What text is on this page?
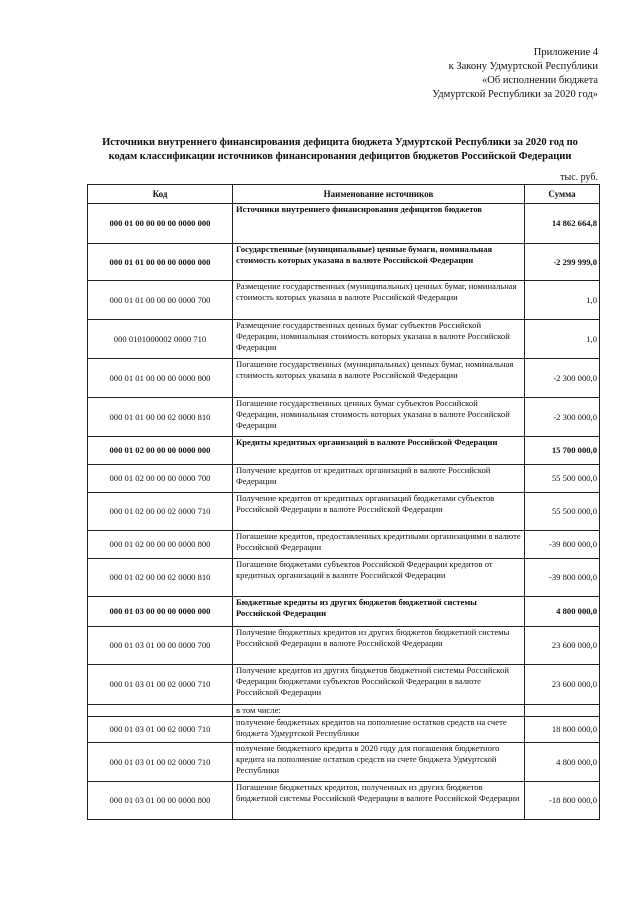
Приложение 4
к Закону Удмуртской Республики
«Об исполнении бюджета
Удмуртской Республики за 2020 год»
Источники внутреннего финансирования дефицита бюджета Удмуртской Республики за 2020 год по
кодам классификации источников финансирования дефицитов бюджетов Российской Федерации
тыс. руб.
Код	Наименование источников	Сумма
000 01 00 00 00 00 0000 000	Источники внутреннего финансирования дефицитов бюджетов	14 862 664,8
000 01 01 00 00 00 0000 000	Государственные (муниципальные) ценные бумаги, номинальная стоимость которых указана в валюте Российской Федерации	-2 299 999,0
000 01 01 00 00 00 0000 700	Размещение государственных (муниципальных) ценных бумаг, номинальная стоимость которых указана в валюте Российской Федерации	1,0
000 0101000002 0000 710	Размещение государственных ценных бумаг субъектов Российской Федерации, номинальная стоимость которых указана в валюте Российской Федерации	1,0
000 01 01 00 00 00 0000 800	Погашение государственных (муниципальных) ценных бумаг, номинальная стоимость которых указана в валюте Российской Федерации	-2 300 000,0
000 01 01 00 00 02 0000 810	Погашение государственных ценных бумаг субъектов Российской Федерации, номинальная стоимость которых указана в валюте Российской Федерации	-2 300 000,0
000 01 02 00 00 00 0000 000	Кредиты кредитных организаций в валюте Российской Федерации	15 700 000,0
000 01 02 00 00 00 0000 700	Получение кредитов от кредитных организаций в валюте Российской Федерации	55 500 000,0
000 01 02 00 00 02 0000 710	Получение кредитов от кредитных организаций бюджетами субъектов Российской Федерации в валюте Российской Федерации	55 500 000,0
000 01 02 00 00 00 0000 800	Погашение кредитов, предоставленных кредитными организациями в валюте Российской Федерации	-39 800 000,0
000 01 02 00 00 02 0000 810	Погашение бюджетами субъектов Российской Федерации кредитов от кредитных организаций в валюте Российской Федерации	-39 800 000,0
000 01 03 00 00 00 0000 000	Бюджетные кредиты из других бюджетов бюджетной системы Российской Федерации	4 800 000,0
000 01 03 01 00 00 0000 700	Получение бюджетных кредитов из других бюджетов бюджетной системы Российской Федерации в валюте Российской Федерации	23 600 000,0
000 01 03 01 00 02 0000 710	Получение кредитов из других бюджетов бюджетной системы Российской Федерации бюджетами субъектов Российской Федерации в валюте Российской Федерации	23 600 000,0
	в том числе:	
000 01 03 01 00 02 0000 710	получение бюджетных кредитов на пополнение остатков средств на счете бюджета Удмуртской Республики	18 800 000,0
000 01 03 01 00 02 0000 710	получение бюджетного кредита в 2020 году для погашения бюджетного кредита на пополнение остатков средств на счете бюджета Удмуртской Республики	4 800 000,0
000 01 03 01 00 00 0000 800	Погашение бюджетных кредитов, полученных из других бюджетов бюджетной системы Российской Федерации в валюте Российской Федерации	-18 800 000,0
